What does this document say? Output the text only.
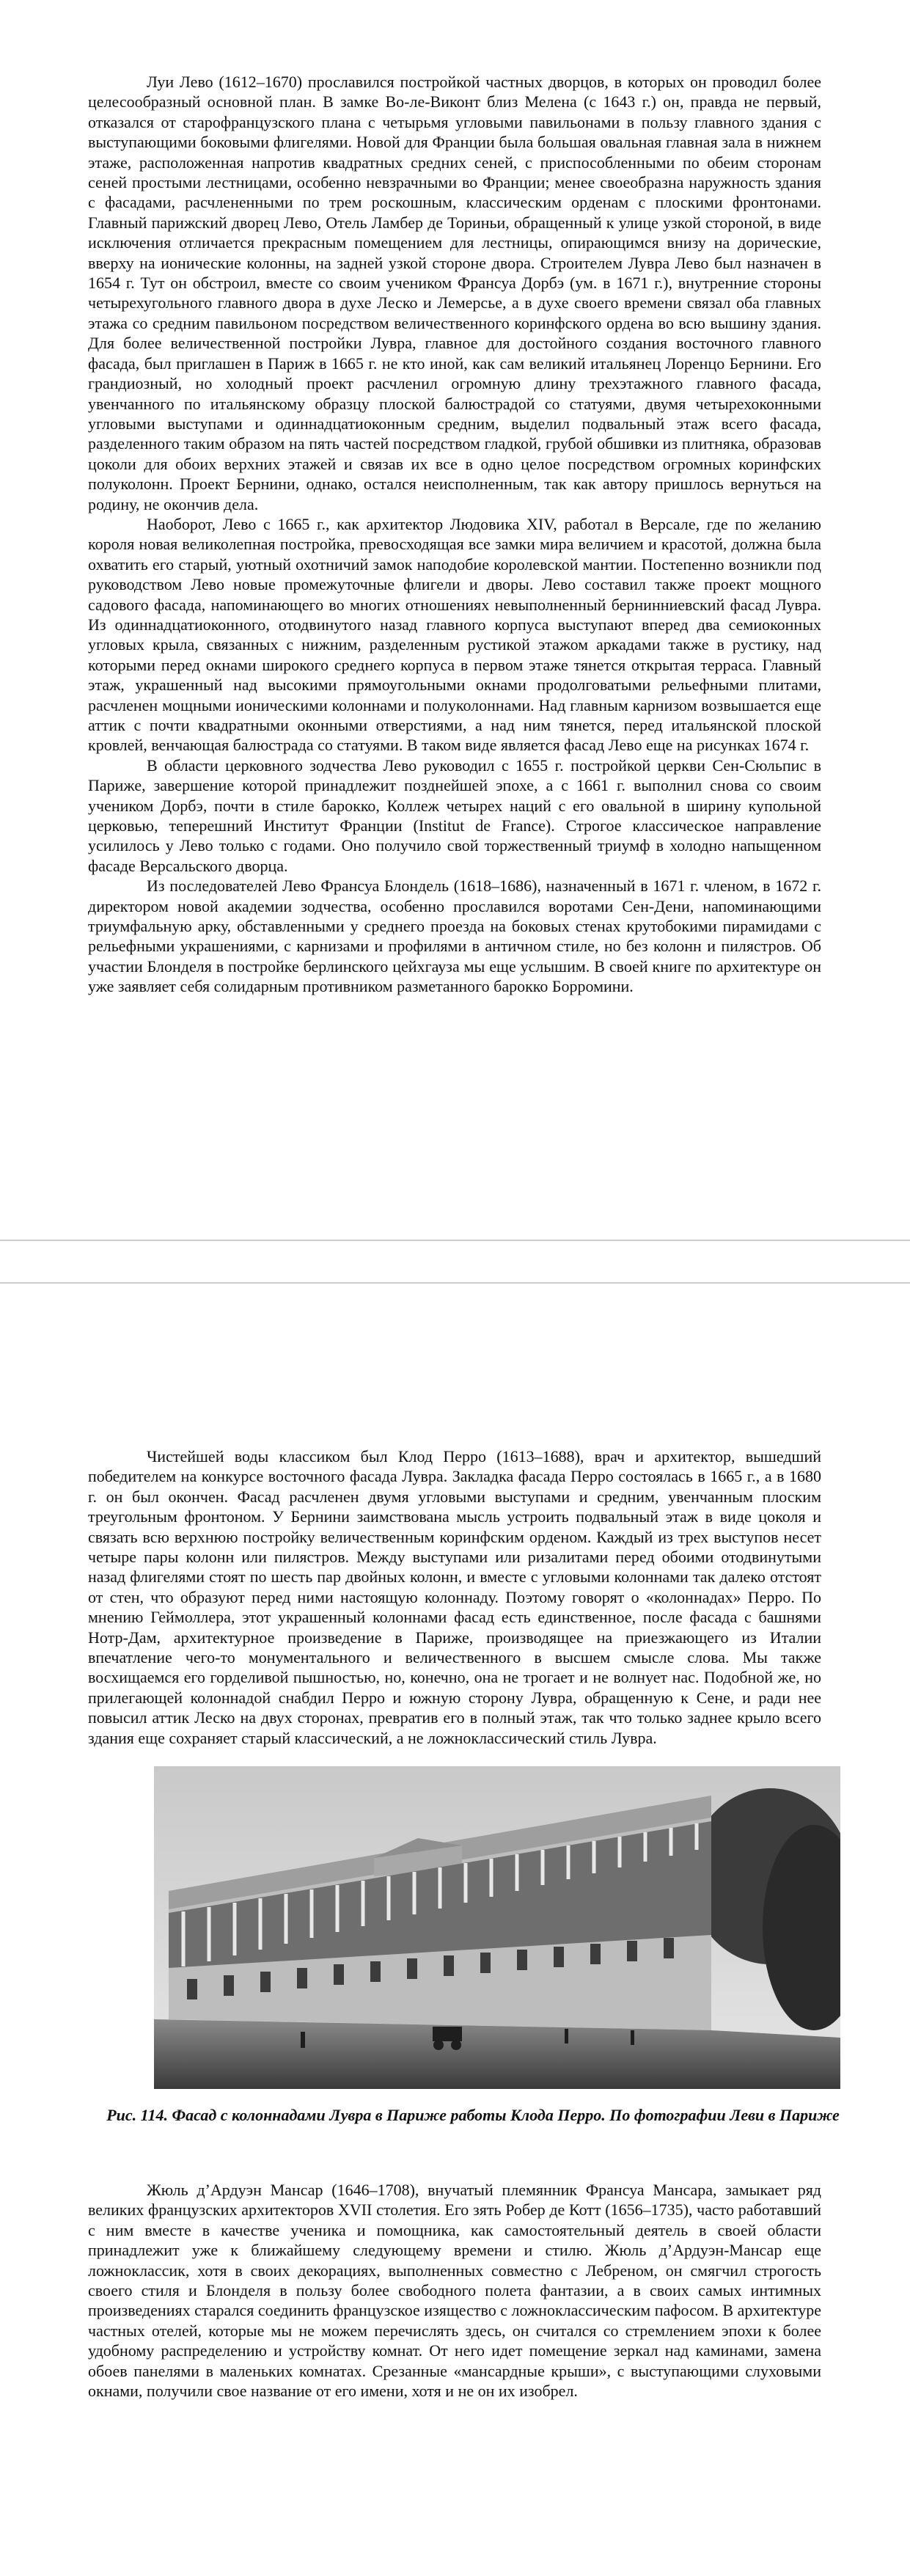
Луи Лево (1612–1670) прославился постройкой частных дворцов, в которых он проводил более целесообразный основной план. В замке Во-ле-Виконт близ Мелена (с 1643 г.) он, правда не первый, отказался от старофранцузского плана с четырьмя угловыми павильонами в пользу главного здания с выступающими боковыми флигелями. Новой для Франции была большая овальная главная зала в нижнем этаже, расположенная напротив квадратных средних сеней, с приспособленными по обеим сторонам сеней простыми лестницами, особенно невзрачными во Франции; менее своеобразна наружность здания с фасадами, расчлененными по трем роскошным, классическим орденам с плоскими фронтонами. Главный парижский дворец Лево, Отель Ламбер де Ториньи, обращенный к улице узкой стороной, в виде исключения отличается прекрасным помещением для лестницы, опирающимся внизу на дорические, вверху на ионические колонны, на задней узкой стороне двора. Строителем Лувра Лево был назначен в 1654 г. Тут он обстроил, вместе со своим учеником Франсуа Дорбэ (ум. в 1671 г.), внутренние стороны четырехугольного главного двора в духе Леско и Лемерсье, а в духе своего времени связал оба главных этажа со средним павильоном посредством величественного коринфского ордена во всю вышину здания. Для более величественной постройки Лувра, главное для достойного создания восточного главного фасада, был приглашен в Париж в 1665 г. не кто иной, как сам великий итальянец Лоренцо Бернини. Его грандиозный, но холодный проект расчленил огромную длину трехэтажного главного фасада, увенчанного по итальянскому образцу плоской балюстрадой со статуями, двумя четырехоконными угловыми выступами и одиннадцатиоконным средним, выделил подвальный этаж всего фасада, разделенного таким образом на пять частей посредством гладкой, грубой обшивки из плитняка, образовав цоколи для обоих верхних этажей и связав их все в одно целое посредством огромных коринфских полуколонн. Проект Бернини, однако, остался неисполненным, так как автору пришлось вернуться на родину, не окончив дела.

Наоборот, Лево с 1665 г., как архитектор Людовика XIV, работал в Версале, где по желанию короля новая великолепная постройка, превосходящая все замки мира величием и красотой, должна была охватить его старый, уютный охотничий замок наподобие королевской мантии. Постепенно возникли под руководством Лево новые промежуточные флигели и дворы. Лево составил также проект мощного садового фасада, напоминающего во многих отношениях невыполненный бернинниевский фасад Лувра. Из одиннадцатиоконного, отодвинутого назад главного корпуса выступают вперед два семиоконных угловых крыла, связанных с нижним, разделенным рустикой этажом аркадами также в рустику, над которыми перед окнами широкого среднего корпуса в первом этаже тянется открытая терраса. Главный этаж, украшенный над высокими прямоугольными окнами продолговатыми рельефными плитами, расчленен мощными ионическими колоннами и полуколоннами. Над главным карнизом возвышается еще аттик с почти квадратными оконными отверстиями, а над ним тянется, перед итальянской плоской кровлей, венчающая балюстрада со статуями. В таком виде является фасад Лево еще на рисунках 1674 г.

В области церковного зодчества Лево руководил с 1655 г. постройкой церкви Сен-Сюльпис в Париже, завершение которой принадлежит позднейшей эпохе, а с 1661 г. выполнил снова со своим учеником Дорбэ, почти в стиле барокко, Коллеж четырех наций с его овальной в ширину купольной церковью, теперешний Институт Франции (Institut de France). Строгое классическое направление усилилось у Лево только с годами. Оно получило свой торжественный триумф в холодно напыщенном фасаде Версальского дворца.

Из последователей Лево Франсуа Блондель (1618–1686), назначенный в 1671 г. членом, в 1672 г. директором новой академии зодчества, особенно прославился воротами Сен-Дени, напоминающими триумфальную арку, обставленными у среднего проезда на боковых стенах крутобокими пирамидами с рельефными украшениями, с карнизами и профилями в античном стиле, но без колонн и пилястров. Об участии Блонделя в постройке берлинского цейхгауза мы еще услышим. В своей книге по архитектуре он уже заявляет себя солидарным противником разметанного барокко Борромини.

Чистейшей воды классиком был Клод Перро (1613–1688), врач и архитектор, вышедший победителем на конкурсе восточного фасада Лувра. Закладка фасада Перро состоялась в 1665 г., а в 1680 г. он был окончен. Фасад расчленен двумя угловыми выступами и средним, увенчанным плоским треугольным фронтоном. У Бернини заимствована мысль устроить подвальный этаж в виде цоколя и связать всю верхнюю постройку величественным коринфским орденом. Каждый из трех выступов несет четыре пары колонн или пилястров. Между выступами или ризалитами перед обоими отодвинутыми назад флигелями стоят по шесть пар двойных колонн, и вместе с угловыми колоннами так далеко отстоят от стен, что образуют перед ними настоящую колоннаду. Поэтому говорят о «колоннадах» Перро. По мнению Геймоллера, этот украшенный колоннами фасад есть единственное, после фасада с башнями Нотр-Дам, архитектурное произведение в Париже, производящее на приезжающего из Италии впечатление чего-то монументального и величественного в высшем смысле слова. Мы также восхищаемся его горделивой пышностью, но, конечно, она не трогает и не волнует нас. Подобной же, но прилегающей колоннадой снабдил Перро и южную сторону Лувра, обращенную к Сене, и ради нее повысил аттик Леско на двух сторонах, превратив его в полный этаж, так что только заднее крыло всего здания еще сохраняет старый классический, а не ложноклассический стиль Лувра.

Рис. 114. Фасад с колоннадами Лувра в Париже работы Клода Перро. По фотографии Леви в Париже

Жюль д’Ардуэн Мансар (1646–1708), внучатый племянник Франсуа Мансара, замыкает ряд великих французских архитекторов XVII столетия. Его зять Робер де Котт (1656–1735), часто работавший с ним вместе в качестве ученика и помощника, как самостоятельный деятель в своей области принадлежит уже к ближайшему следующему времени и стилю. Жюль д’Ардуэн-Мансар еще ложноклассик, хотя в своих декорациях, выполненных совместно с Лебреном, он смягчил строгость своего стиля и Блонделя в пользу более свободного полета фантазии, а в своих самых интимных произведениях старался соединить французское изящество с ложноклассическим пафосом. В архитектуре частных отелей, которые мы не можем перечислять здесь, он считался со стремлением эпохи к более удобному распределению и устройству комнат. От него идет помещение зеркал над каминами, замена обоев панелями в маленьких комнатах. Срезанные «мансардные крыши», с выступающими слуховыми окнами, получили свое название от его имени, хотя и не он их изобрел.
